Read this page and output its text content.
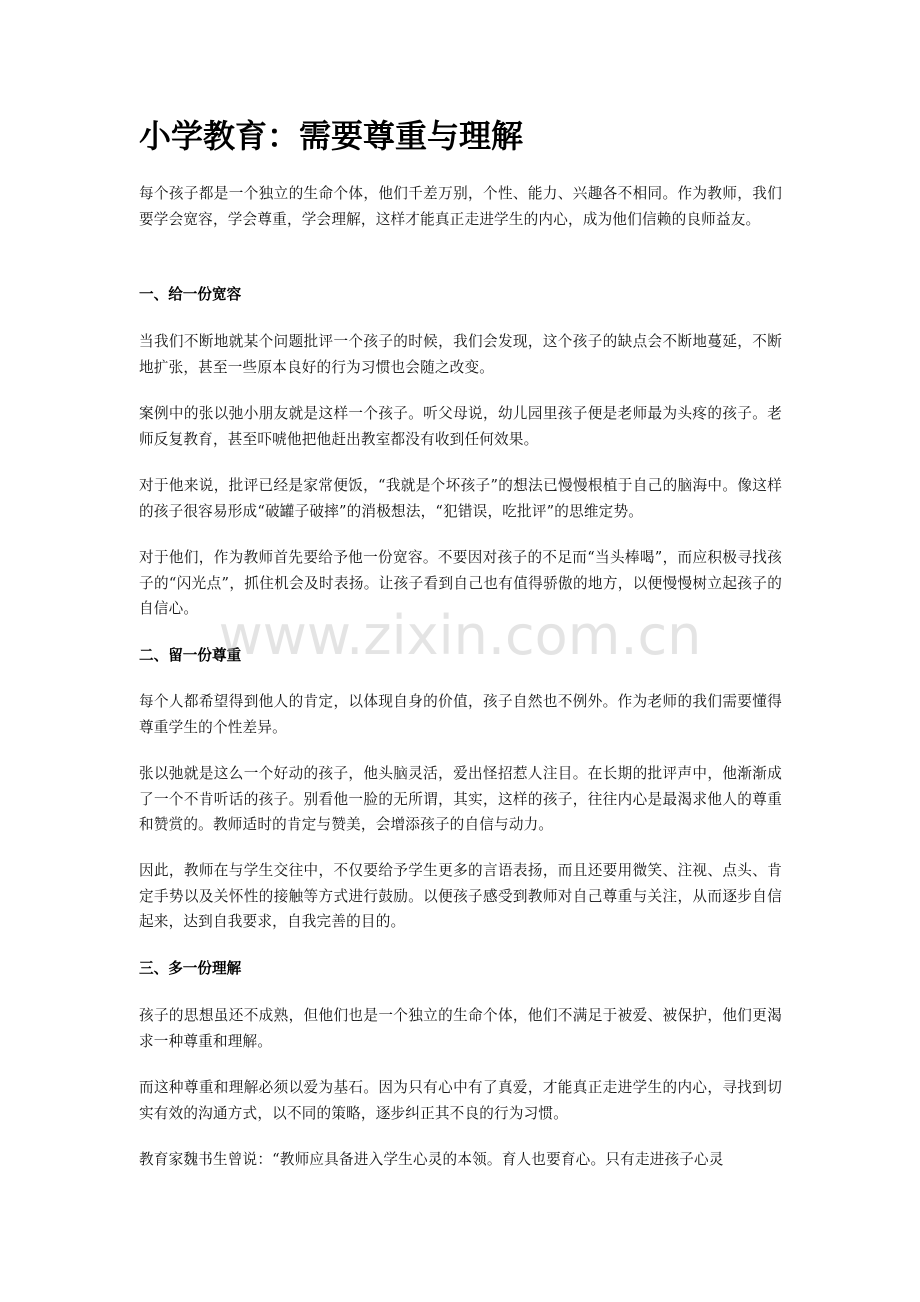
小学教育：需要尊重与理解

每个孩子都是一个独立的生命个体，他们千差万别，个性、能力、兴趣各不相同。作为教师，我们要学会宽容，学会尊重，学会理解，这样才能真正走进学生的内心，成为他们信赖的良师益友。

一、给一份宽容

当我们不断地就某个问题批评一个孩子的时候，我们会发现，这个孩子的缺点会不断地蔓延，不断地扩张，甚至一些原本良好的行为习惯也会随之改变。

案例中的张以弛小朋友就是这样一个孩子。听父母说，幼儿园里孩子便是老师最为头疼的孩子。老师反复教育，甚至吓唬他把他赶出教室都没有收到任何效果。

对于他来说，批评已经是家常便饭，“我就是个坏孩子”的想法已慢慢根植于自己的脑海中。像这样的孩子很容易形成“破罐子破摔”的消极想法，“犯错误，吃批评”的思维定势。

对于他们，作为教师首先要给予他一份宽容。不要因对孩子的不足而“当头棒喝”，而应积极寻找孩子的“闪光点”，抓住机会及时表扬。让孩子看到自己也有值得骄傲的地方，以便慢慢树立起孩子的自信心。

二、留一份尊重

每个人都希望得到他人的肯定，以体现自身的价值，孩子自然也不例外。作为老师的我们需要懂得尊重学生的个性差异。

张以弛就是这么一个好动的孩子，他头脑灵活，爱出怪招惹人注目。在长期的批评声中，他渐渐成了一个不肯听话的孩子。别看他一脸的无所谓，其实，这样的孩子，往往内心是最渴求他人的尊重和赞赏的。教师适时的肯定与赞美，会增添孩子的自信与动力。

因此，教师在与学生交往中，不仅要给予学生更多的言语表扬，而且还要用微笑、注视、点头、肯定手势以及关怀性的接触等方式进行鼓励。以便孩子感受到教师对自己尊重与关注，从而逐步自信起来，达到自我要求，自我完善的目的。

三、多一份理解

孩子的思想虽还不成熟，但他们也是一个独立的生命个体，他们不满足于被爱、被保护，他们更渴求一种尊重和理解。

而这种尊重和理解必须以爱为基石。因为只有心中有了真爱，才能真正走进学生的内心，寻找到切实有效的沟通方式，以不同的策略，逐步纠正其不良的行为习惯。

教育家魏书生曾说：“教师应具备进入学生心灵的本领。育人也要育心。只有走进孩子心灵

www.zixin.com.cn
